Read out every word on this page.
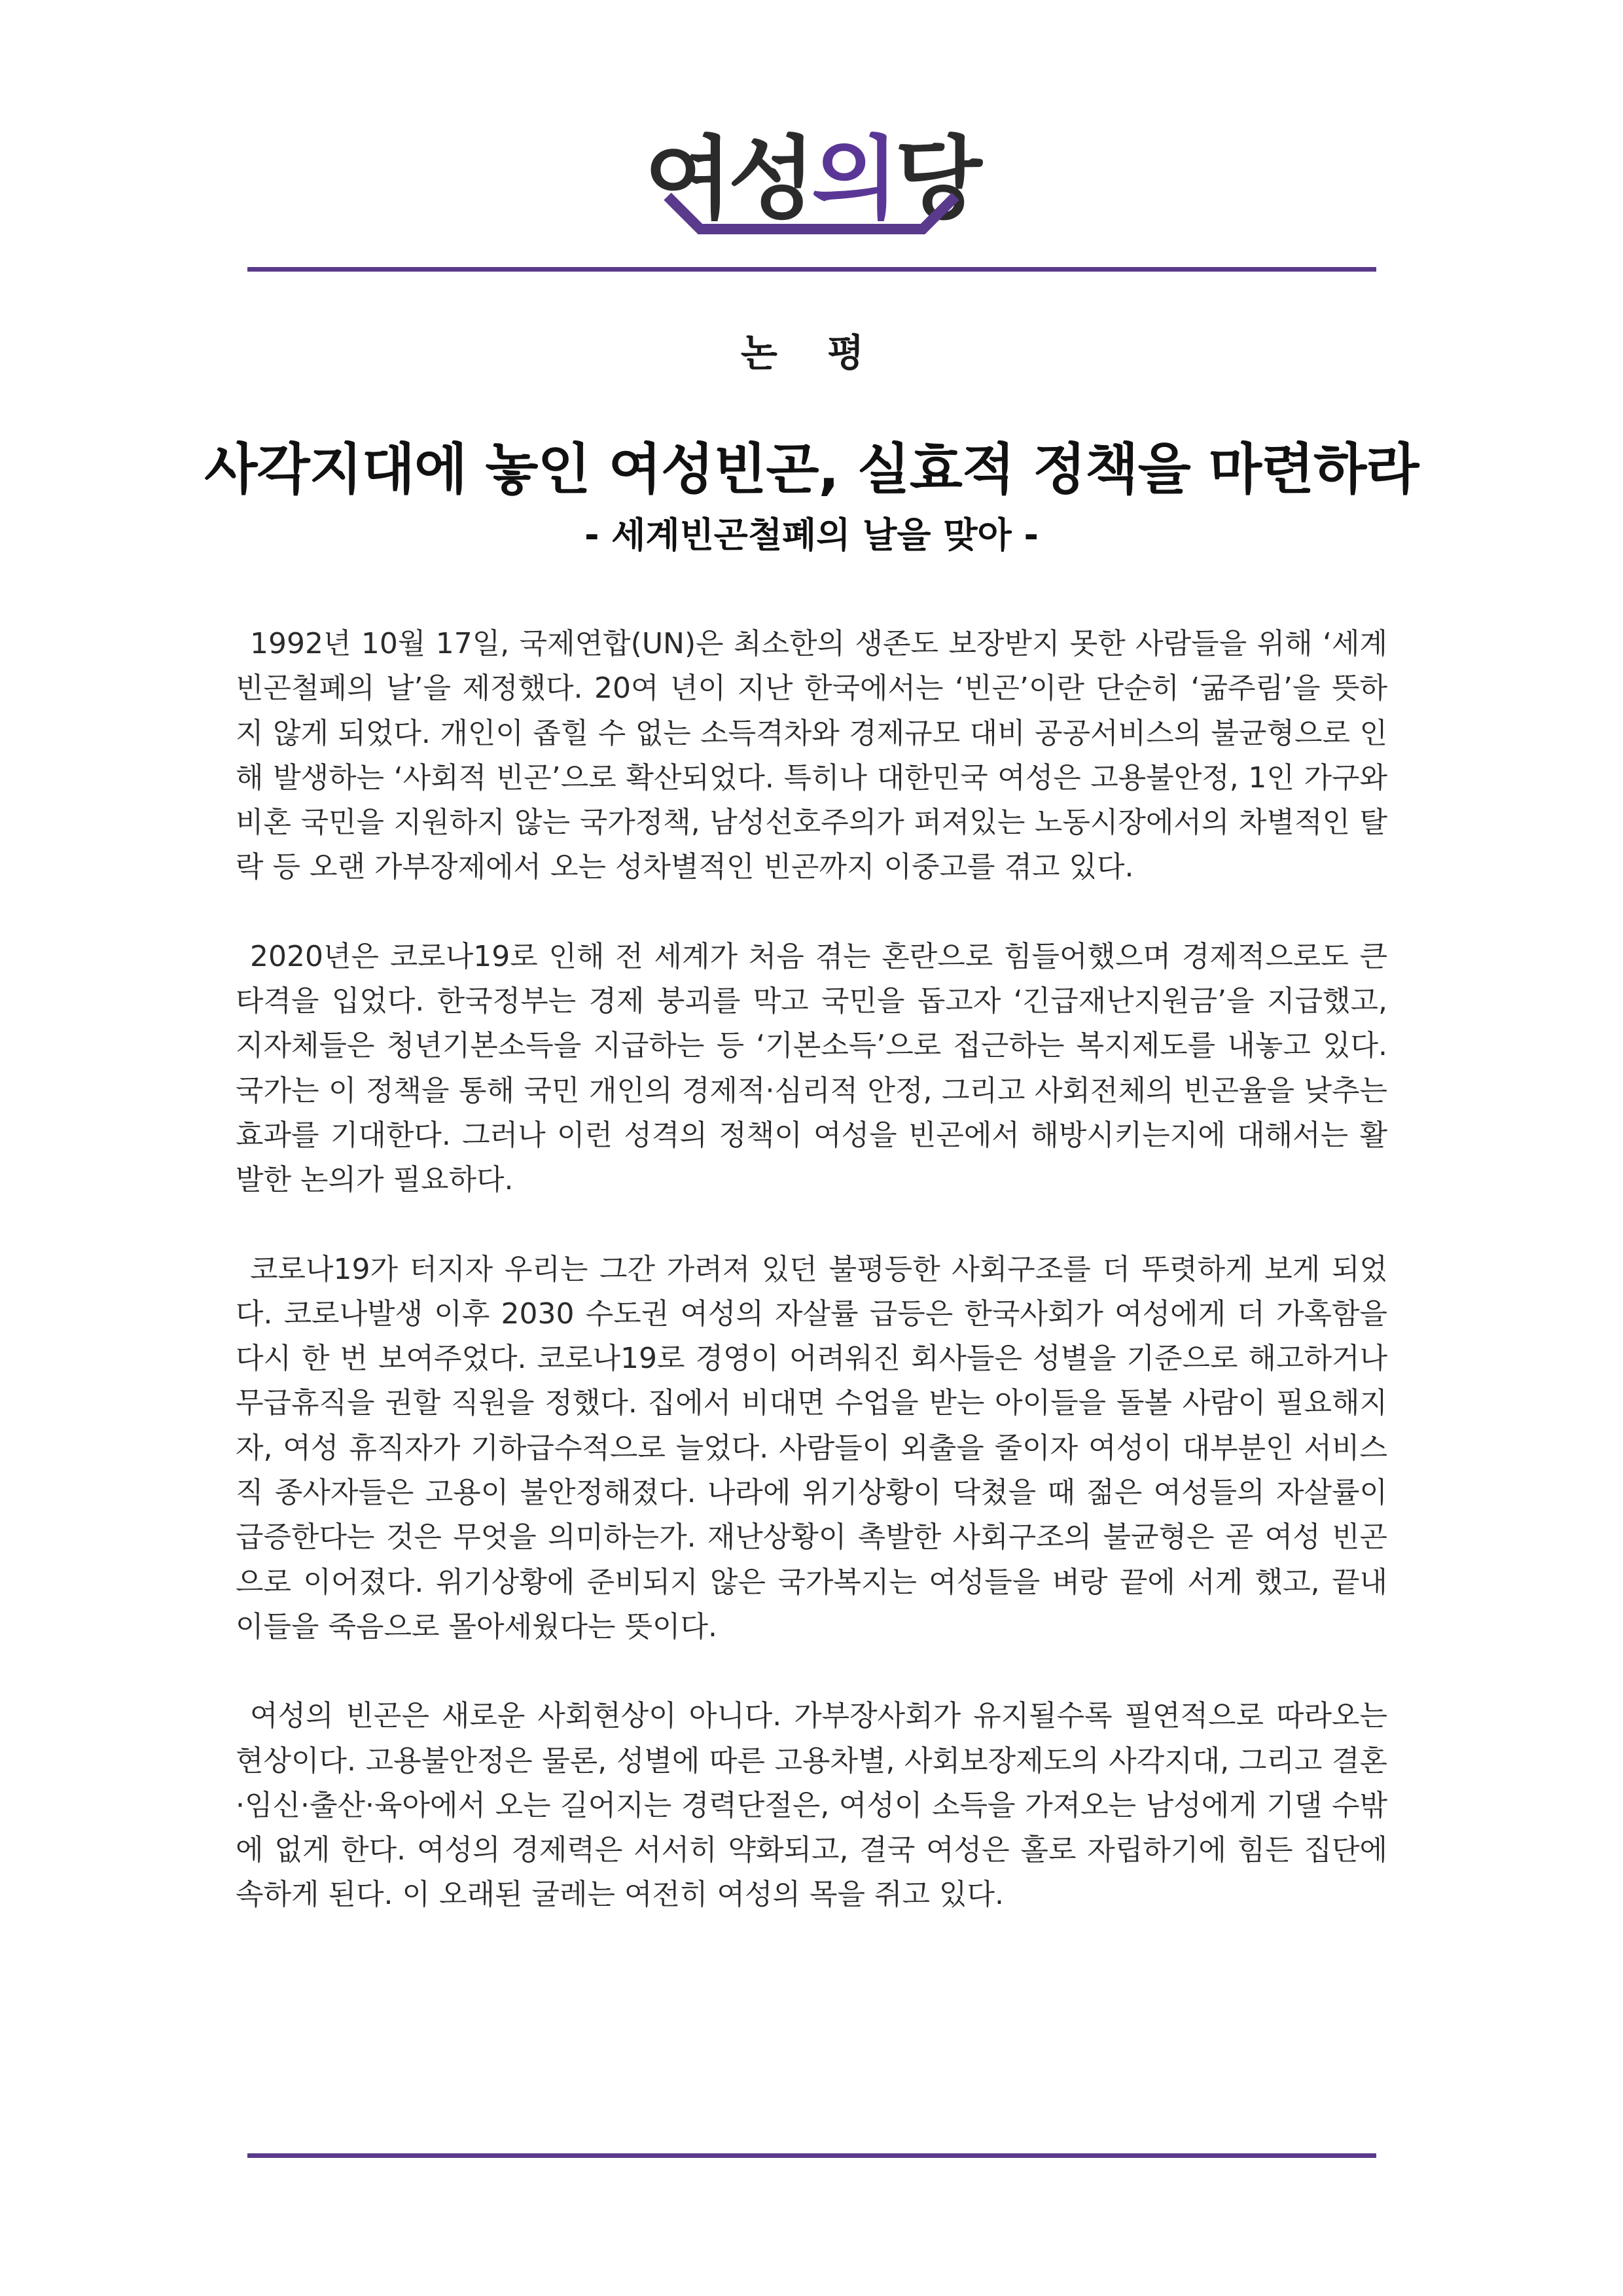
여성의당
논 평
사각지대에 놓인 여성빈곤, 실효적 정책을 마련하라
- 세계빈곤철폐의 날을 맞아 -

1992년 10월 17일, 국제연합(UN)은 최소한의 생존도 보장받지 못한 사람들을 위해 ‘세계빈곤철폐의 날’을 제정했다. 20여 년이 지난 한국에서는 ‘빈곤’이란 단순히 ‘굶주림’을 뜻하지 않게 되었다. 개인이 좁힐 수 없는 소득격차와 경제규모 대비 공공서비스의 불균형으로 인해 발생하는 ‘사회적 빈곤’으로 확산되었다. 특히나 대한민국 여성은 고용불안정, 1인 가구와 비혼 국민을 지원하지 않는 국가정책, 남성선호주의가 퍼져있는 노동시장에서의 차별적인 탈락 등 오랜 가부장제에서 오는 성차별적인 빈곤까지 이중고를 겪고 있다.

2020년은 코로나19로 인해 전 세계가 처음 겪는 혼란으로 힘들어했으며 경제적으로도 큰 타격을 입었다. 한국정부는 경제 붕괴를 막고 국민을 돕고자 ‘긴급재난지원금’을 지급했고, 지자체들은 청년기본소득을 지급하는 등 ‘기본소득’으로 접근하는 복지제도를 내놓고 있다. 국가는 이 정책을 통해 국민 개인의 경제적·심리적 안정, 그리고 사회전체의 빈곤율을 낮추는 효과를 기대한다. 그러나 이런 성격의 정책이 여성을 빈곤에서 해방시키는지에 대해서는 활발한 논의가 필요하다.

코로나19가 터지자 우리는 그간 가려져 있던 불평등한 사회구조를 더 뚜렷하게 보게 되었다. 코로나발생 이후 2030 수도권 여성의 자살률 급등은 한국사회가 여성에게 더 가혹함을 다시 한 번 보여주었다. 코로나19로 경영이 어려워진 회사들은 성별을 기준으로 해고하거나 무급휴직을 권할 직원을 정했다. 집에서 비대면 수업을 받는 아이들을 돌볼 사람이 필요해지자, 여성 휴직자가 기하급수적으로 늘었다. 사람들이 외출을 줄이자 여성이 대부분인 서비스직 종사자들은 고용이 불안정해졌다. 나라에 위기상황이 닥쳤을 때 젊은 여성들의 자살률이 급증한다는 것은 무엇을 의미하는가. 재난상황이 촉발한 사회구조의 불균형은 곧 여성 빈곤으로 이어졌다. 위기상황에 준비되지 않은 국가복지는 여성들을 벼랑 끝에 서게 했고, 끝내 이들을 죽음으로 몰아세웠다는 뜻이다.

여성의 빈곤은 새로운 사회현상이 아니다. 가부장사회가 유지될수록 필연적으로 따라오는 현상이다. 고용불안정은 물론, 성별에 따른 고용차별, 사회보장제도의 사각지대, 그리고 결혼·임신·출산·육아에서 오는 길어지는 경력단절은, 여성이 소득을 가져오는 남성에게 기댈 수밖에 없게 한다. 여성의 경제력은 서서히 약화되고, 결국 여성은 홀로 자립하기에 힘든 집단에 속하게 된다. 이 오래된 굴레는 여전히 여성의 목을 쥐고 있다.
